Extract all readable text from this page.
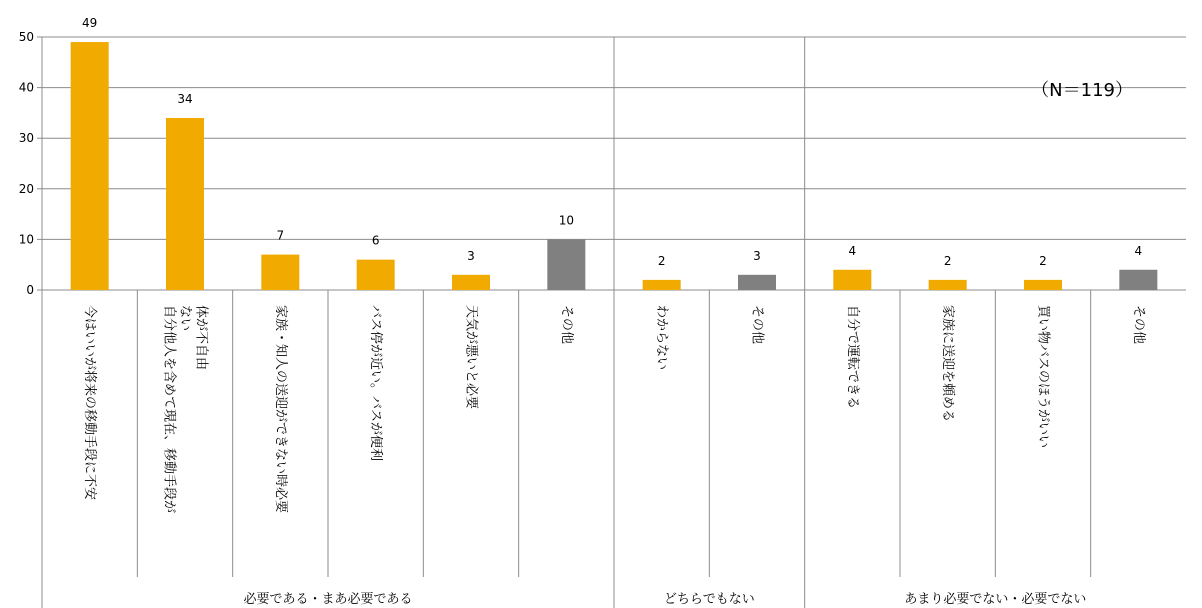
0
10
20
30
40
50
49
34
7	6
3
10
2	3	4
2	2
4
今はいいが将来の移動手段に不安	自分他人を含めて現在、移動手段が ない 体が不自由	家族・知人の送迎ができない時必要	バス停が近い。バスが便利	天気が悪いと必要	その他	わからない	その他	自分で運転できる	家族に送迎を頼める	買い物バスのほうがいい	その他
必要である・まあ必要である	どちらでもない	あまり必要でない・必要でない
（N＝119）
